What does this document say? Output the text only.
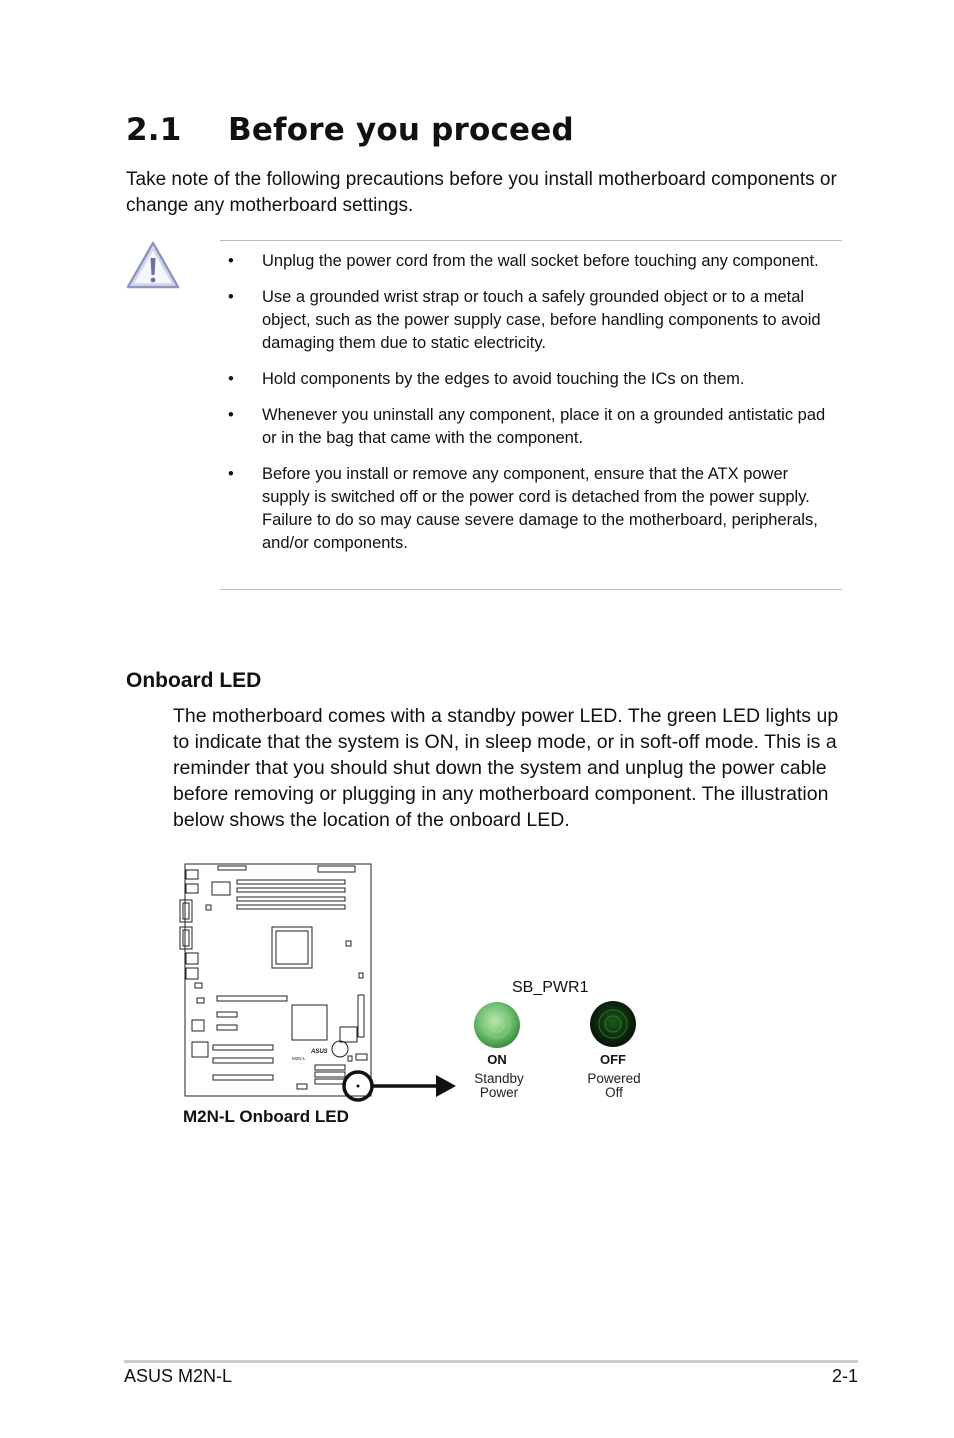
2.1 Before you proceed
Take note of the following precautions before you install motherboard components or change any motherboard settings.
• Unplug the power cord from the wall socket before touching any component.
• Use a grounded wrist strap or touch a safely grounded object or to a metal object, such as the power supply case, before handling components to avoid damaging them due to static electricity.
• Hold components by the edges to avoid touching the ICs on them.
• Whenever you uninstall any component, place it on a grounded antistatic pad or in the bag that came with the component.
• Before you install or remove any component, ensure that the ATX power supply is switched off or the power cord is detached from the power supply. Failure to do so may cause severe damage to the motherboard, peripherals, and/or components.
Onboard LED
The motherboard comes with a standby power LED. The green LED lights up to indicate that the system is ON, in sleep mode, or in soft-off mode. This is a reminder that you should shut down the system and unplug the power cable before removing or plugging in any motherboard component. The illustration below shows the location of the onboard LED.
ASUS
M2N-L
SB_PWR1
ON
Standby
Power
OFF
Powered
Off
M2N-L Onboard LED
ASUS M2N-L	2-1
